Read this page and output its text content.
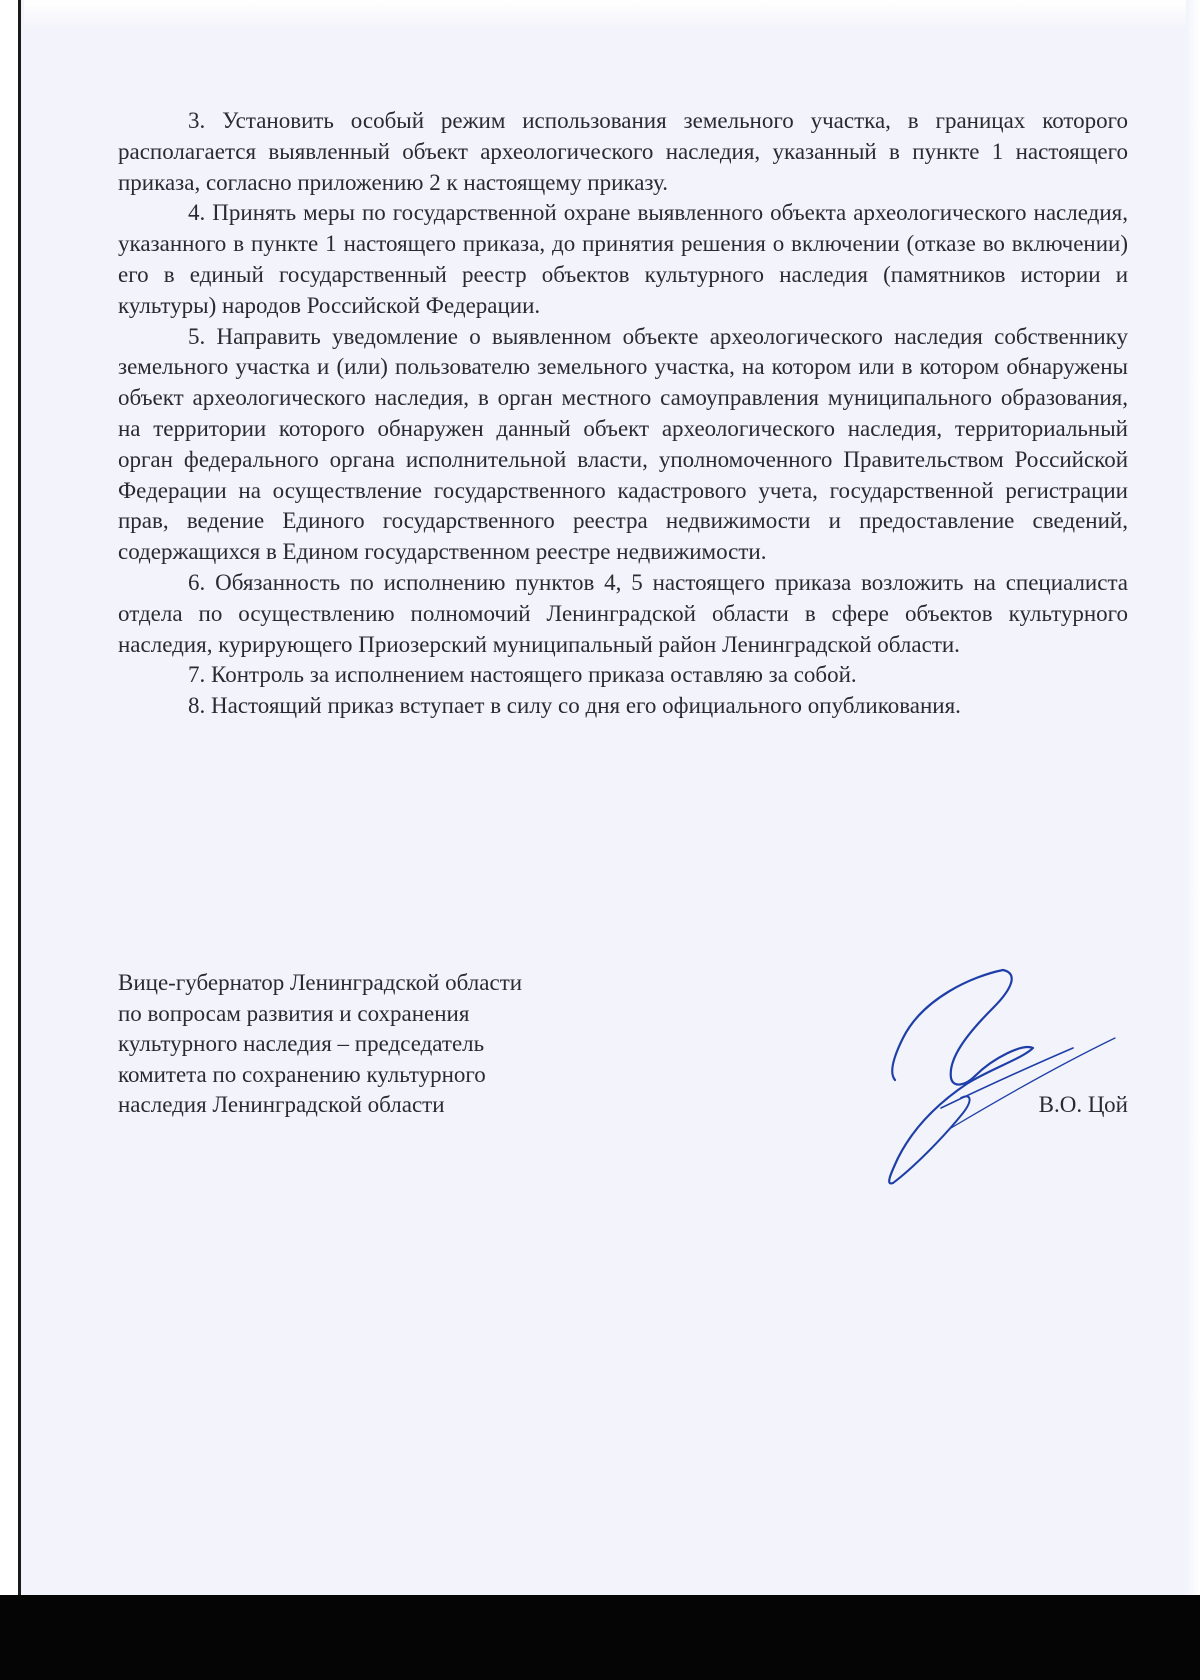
3. Установить особый режим использования земельного участка, в границах которого располагается выявленный объект археологического наследия, указанный в пункте 1 настоящего приказа, согласно приложению 2 к настоящему приказу.

4. Принять меры по государственной охране выявленного объекта археологического наследия, указанного в пункте 1 настоящего приказа, до принятия решения о включении (отказе во включении) его в единый государственный реестр объектов культурного наследия (памятников истории и культуры) народов Российской Федерации.

5. Направить уведомление о выявленном объекте археологического наследия собственнику земельного участка и (или) пользователю земельного участка, на котором или в котором обнаружены объект археологического наследия, в орган местного самоуправления муниципального образования, на территории которого обнаружен данный объект археологического наследия, территориальный орган федерального органа исполнительной власти, уполномоченного Правительством Российской Федерации на осуществление государственного кадастрового учета, государственной регистрации прав, ведение Единого государственного реестра недвижимости и предоставление сведений, содержащихся в Едином государственном реестре недвижимости.

6. Обязанность по исполнению пунктов 4, 5 настоящего приказа возложить на специалиста отдела по осуществлению полномочий Ленинградской области в сфере объектов культурного наследия, курирующего Приозерский муниципальный район Ленинградской области.

7. Контроль за исполнением настоящего приказа оставляю за собой.

8. Настоящий приказ вступает в силу со дня его официального опубликования.

Вице-губернатор Ленинградской области
по вопросам развития и сохранения
культурного наследия – председатель
комитета по сохранению культурного
наследия Ленинградской области	В.О. Цой
